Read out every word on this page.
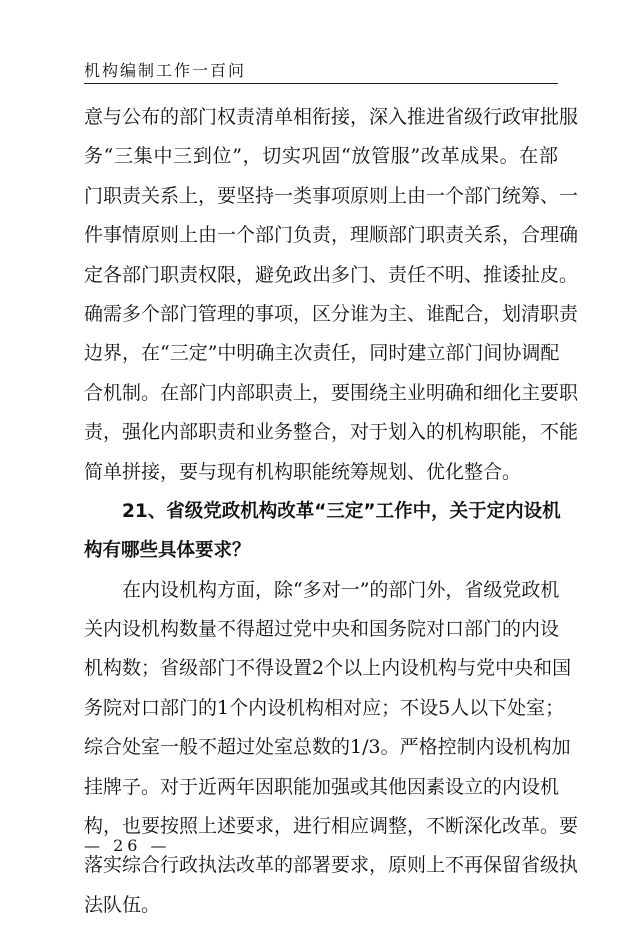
机构编制工作一百问
意与公布的部门权责清单相衔接，深入推进省级行政审批服
务“三集中三到位”，切实巩固“放管服”改革成果。在部
门职责关系上，要坚持一类事项原则上由一个部门统筹、一
件事情原则上由一个部门负责，理顺部门职责关系，合理确
定各部门职责权限，避免政出多门、责任不明、推诿扯皮。
确需多个部门管理的事项，区分谁为主、谁配合，划清职责
边界，在“三定”中明确主次责任，同时建立部门间协调配
合机制。在部门内部职责上，要围绕主业明确和细化主要职
责，强化内部职责和业务整合，对于划入的机构职能，不能
简单拼接，要与现有机构职能统筹规划、优化整合。
21、省级党政机构改革“三定”工作中，关于定内设机
构有哪些具体要求？
在内设机构方面，除“多对一”的部门外，省级党政机
关内设机构数量不得超过党中央和国务院对口部门的内设
机构数；省级部门不得设置2个以上内设机构与党中央和国
务院对口部门的1个内设机构相对应；不设5人以下处室；
综合处室一般不超过处室总数的1/3。严格控制内设机构加
挂牌子。对于近两年因职能加强或其他因素设立的内设机
构，也要按照上述要求，进行相应调整，不断深化改革。要
落实综合行政执法改革的部署要求，原则上不再保留省级执
法队伍。
— 26 —
